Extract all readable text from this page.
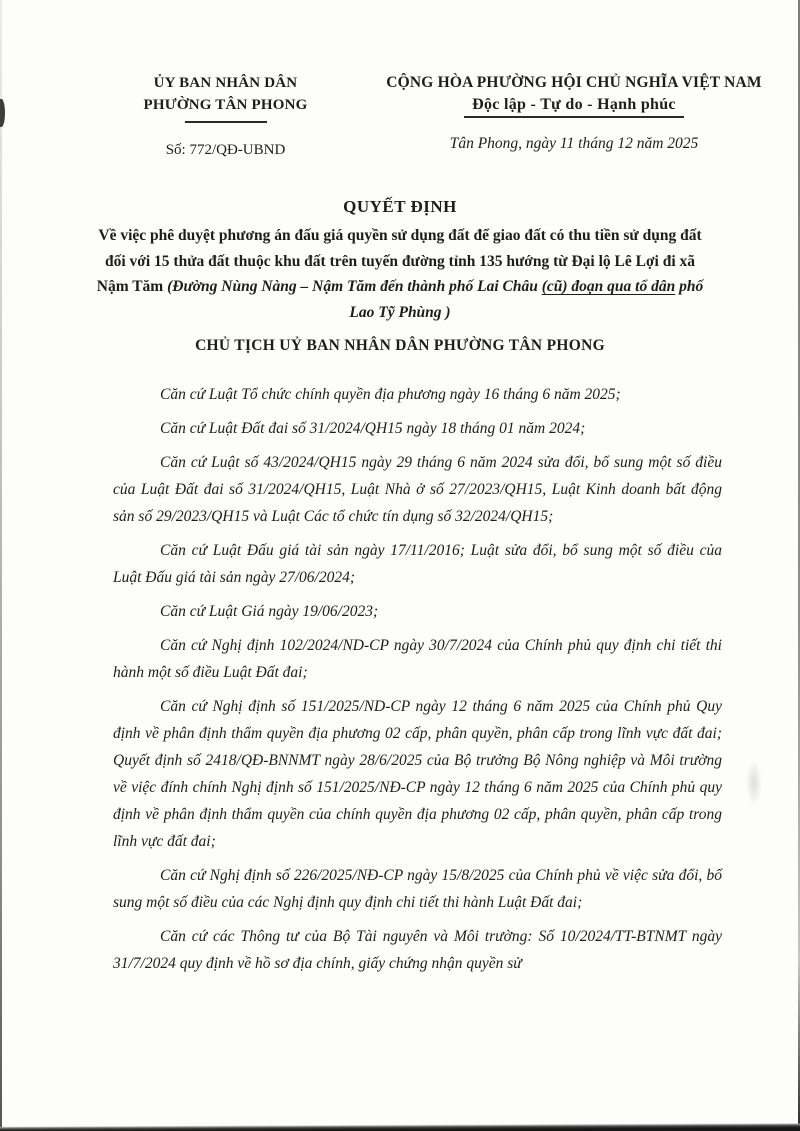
ỦY BAN NHÂN DÂN
PHƯỜNG TÂN PHONG
Số: 772/QĐ-UBND
CỘNG HÒA PHƯỜNG HỘI CHỦ NGHĨA VIỆT NAM
Độc lập - Tự do - Hạnh phúc
Tân Phong, ngày 11 tháng 12 năm 2025
QUYẾT ĐỊNH
Về việc phê duyệt phương án đấu giá quyền sử dụng đất để giao đất có thu tiền sử dụng đất đối với 15 thửa đất thuộc khu đất trên tuyến đường tỉnh 135 hướng từ Đại lộ Lê Lợi đi xã Nậm Tăm (Đường Nùng Nàng – Nậm Tăm đến thành phố Lai Châu (cũ) đoạn qua tổ dân phố Lao Tỹ Phùng )
CHỦ TỊCH UỶ BAN NHÂN DÂN PHƯỜNG TÂN PHONG

Căn cứ Luật Tổ chức chính quyền địa phương ngày 16 tháng 6 năm 2025;

Căn cứ Luật Đất đai số 31/2024/QH15 ngày 18 tháng 01 năm 2024;

Căn cứ Luật số 43/2024/QH15 ngày 29 tháng 6 năm 2024 sửa đổi, bổ sung một số điều của Luật Đất đai số 31/2024/QH15, Luật Nhà ở số 27/2023/QH15, Luật Kinh doanh bất động sản số 29/2023/QH15 và Luật Các tổ chức tín dụng số 32/2024/QH15;

Căn cứ Luật Đấu giá tài sản ngày 17/11/2016; Luật sửa đổi, bổ sung một số điều của Luật Đấu giá tài sản ngày 27/06/2024;

Căn cứ Luật Giá ngày 19/06/2023;

Căn cứ Nghị định 102/2024/ND-CP ngày 30/7/2024 của Chính phủ quy định chi tiết thi hành một số điều Luật Đất đai;

Căn cứ Nghị định số 151/2025/ND-CP ngày 12 tháng 6 năm 2025 của Chính phủ Quy định về phân định thẩm quyền địa phương 02 cấp, phân quyền, phân cấp trong lĩnh vực đất đai; Quyết định số 2418/QĐ-BNNMT ngày 28/6/2025 của Bộ trưởng Bộ Nông nghiệp và Môi trường về việc đính chính Nghị định số 151/2025/NĐ-CP ngày 12 tháng 6 năm 2025 của Chính phủ quy định về phân định thẩm quyền của chính quyền địa phương 02 cấp, phân quyền, phân cấp trong lĩnh vực đất đai;

Căn cứ Nghị định số 226/2025/NĐ-CP ngày 15/8/2025 của Chính phủ về việc sửa đổi, bổ sung một số điều của các Nghị định quy định chi tiết thi hành Luật Đất đai;

Căn cứ các Thông tư của Bộ Tài nguyên và Môi trường: Số 10/2024/TT-BTNMT ngày 31/7/2024 quy định về hồ sơ địa chính, giấy chứng nhận quyền sử
